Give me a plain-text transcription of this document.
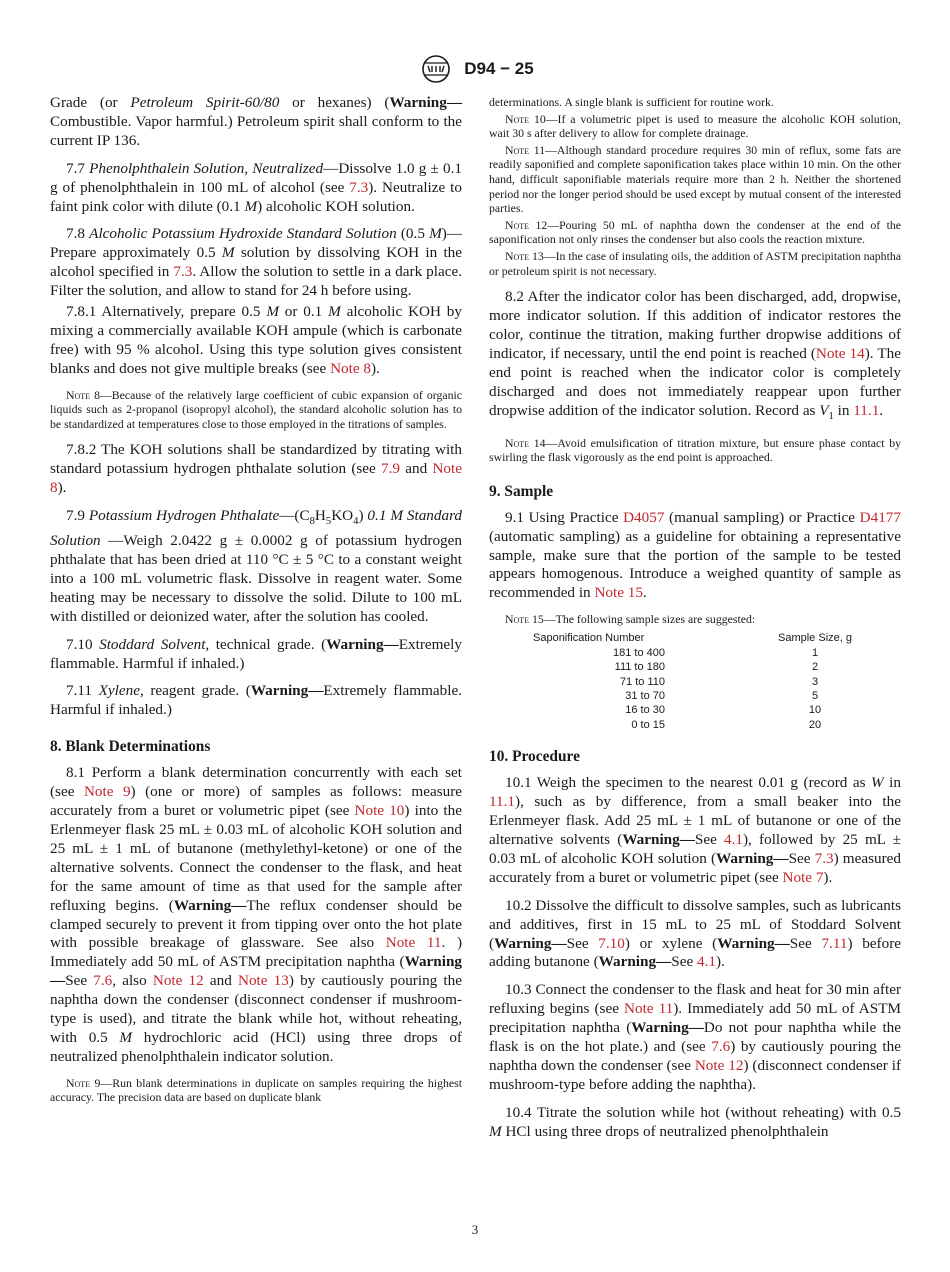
D94 − 25

Grade (or Petroleum Spirit-60/80 or hexanes) (Warning—Combustible. Vapor harmful.) Petroleum spirit shall conform to the current IP 136.

7.7 Phenolphthalein Solution, Neutralized—Dissolve 1.0 g ± 0.1 g of phenolphthalein in 100 mL of alcohol (see 7.3). Neutralize to faint pink color with dilute (0.1 M) alcoholic KOH solution.

7.8 Alcoholic Potassium Hydroxide Standard Solution (0.5 M)—Prepare approximately 0.5 M solution by dissolving KOH in the alcohol specified in 7.3. Allow the solution to settle in a dark place. Filter the solution, and allow to stand for 24 h before using.

7.8.1 Alternatively, prepare 0.5 M or 0.1 M alcoholic KOH by mixing a commercially available KOH ampule (which is carbonate free) with 95 % alcohol. Using this type solution gives consistent blanks and does not give multiple breaks (see Note 8).

Note 8—Because of the relatively large coefficient of cubic expansion of organic liquids such as 2-propanol (isopropyl alcohol), the standard alcoholic solution has to be standardized at temperatures close to those employed in the titrations of samples.

7.8.2 The KOH solutions shall be standardized by titrating with standard potassium hydrogen phthalate solution (see 7.9 and Note 8).

7.9 Potassium Hydrogen $Phthalate—(C_8H_5KO_4)$ 0.1 M Standard Solution —Weigh 2.0422 g ± 0.0002 g of potassium hydrogen phthalate that has been dried at 110 °C ± 5 °C to a constant weight into a 100 mL volumetric flask. Dissolve in reagent water. Some heating may be necessary to dissolve the solid. Dilute to 100 mL with distilled or deionized water, after the solution has cooled.

7.10 Stoddard Solvent, technical grade. (Warning—Extremely flammable. Harmful if inhaled.)

7.11 Xylene, reagent grade. (Warning—Extremely flammable. Harmful if inhaled.)

8. Blank Determinations

8.1 Perform a blank determination concurrently with each set (see Note 9) (one or more) of samples as follows: measure accurately from a buret or volumetric pipet (see Note 10) into the Erlenmeyer flask 25 mL ± 0.03 mL of alcoholic KOH solution and 25 mL ± 1 mL of butanone (methylethyl-ketone) or one of the alternative solvents. Connect the condenser to the flask, and heat for the same amount of time as that used for the sample after refluxing begins. (Warning—The reflux condenser should be clamped securely to prevent it from tipping over onto the hot plate with possible breakage of glassware. See also Note 11. ) Immediately add 50 mL of ASTM precipitation naphtha (Warning—See 7.6, also Note 12 and Note 13) by cautiously pouring the naphtha down the condenser (disconnect condenser if mushroom-type is used), and titrate the blank while hot, without reheating, with 0.5 M hydrochloric acid (HCl) using three drops of neutralized phenolphthalein indicator solution.

Note 9—Run blank determinations in duplicate on samples requiring the highest accuracy. The precision data are based on duplicate blank

determinations. A single blank is sufficient for routine work.

Note 10—If a volumetric pipet is used to measure the alcoholic KOH solution, wait 30 s after delivery to allow for complete drainage.

Note 11—Although standard procedure requires 30 min of reflux, some fats are readily saponified and complete saponification takes place within 10 min. On the other hand, difficult saponifiable materials require more than 2 h. Neither the shortened period nor the longer period should be used except by mutual consent of the interested parties.

Note 12—Pouring 50 mL of naphtha down the condenser at the end of the saponification not only rinses the condenser but also cools the reaction mixture.

Note 13—In the case of insulating oils, the addition of ASTM precipitation naphtha or petroleum spirit is not necessary.

8.2 After the indicator color has been discharged, add, dropwise, more indicator solution. If this addition of indicator restores the color, continue the titration, making further dropwise additions of indicator, if necessary, until the end point is reached (Note 14). The end point is reached when the indicator color is completely discharged and does not immediately reappear upon further dropwise addition of the indicator solution. Record as $V_1$ in 11.1.

Note 14—Avoid emulsification of titration mixture, but ensure phase contact by swirling the flask vigorously as the end point is approached.

9. Sample

9.1 Using Practice D4057 (manual sampling) or Practice D4177 (automatic sampling) as a guideline for obtaining a representative sample, make sure that the portion of the sample to be tested appears homogenous. Introduce a weighed quantity of sample as recommended in Note 15.

Note 15—The following sample sizes are suggested:

Saponification Number	Sample Size, g
181 to 400	1
111 to 180	2
71 to 110	3
31 to 70	5
16 to 30	10
0 to 15	20
10. Procedure

10.1 Weigh the specimen to the nearest 0.01 g (record as W in 11.1), such as by difference, from a small beaker into the Erlenmeyer flask. Add 25 mL ± 1 mL of butanone or one of the alternative solvents (Warning—See 4.1), followed by 25 mL ± 0.03 mL of alcoholic KOH solution (Warning—See 7.3) measured accurately from a buret or volumetric pipet (see Note 7).

10.2 Dissolve the difficult to dissolve samples, such as lubricants and additives, first in 15 mL to 25 mL of Stoddard Solvent (Warning—See 7.10) or xylene (Warning—See 7.11) before adding butanone (Warning—See 4.1).

10.3 Connect the condenser to the flask and heat for 30 min after refluxing begins (see Note 11). Immediately add 50 mL of ASTM precipitation naphtha (Warning—Do not pour naphtha while the flask is on the hot plate.) and (see 7.6) by cautiously pouring the naphtha down the condenser (see Note 12) (disconnect condenser if mushroom-type before adding the naphtha).

10.4 Titrate the solution while hot (without reheating) with 0.5 M HCl using three drops of neutralized phenolphthalein

3
